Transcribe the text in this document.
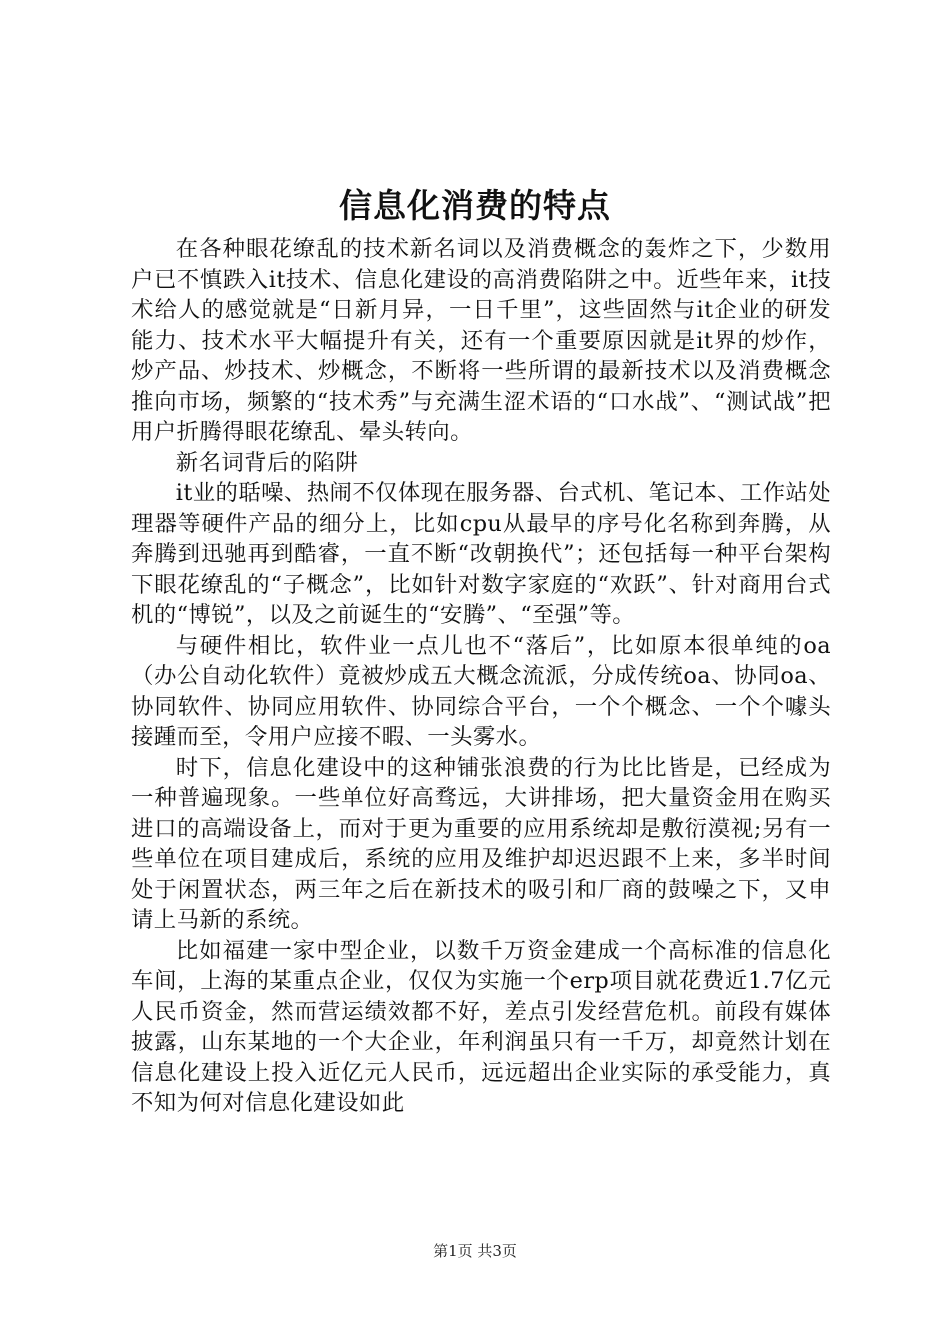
信息化消费的特点

在各种眼花缭乱的技术新名词以及消费概念的轰炸之下，少数用户已不慎跌入it技术、信息化建设的高消费陷阱之中。近些年来，it技术给人的感觉就是“日新月异，一日千里”，这些固然与it企业的研发能力、技术水平大幅提升有关，还有一个重要原因就是it界的炒作，炒产品、炒技术、炒概念，不断将一些所谓的最新技术以及消费概念推向市场，频繁的“技术秀”与充满生涩术语的“口水战”、“测试战”把用户折腾得眼花缭乱、晕头转向。

新名词背后的陷阱

it业的聒噪、热闹不仅体现在服务器、台式机、笔记本、工作站处理器等硬件产品的细分上，比如cpu从最早的序号化名称到奔腾，从奔腾到迅驰再到酷睿，一直不断“改朝换代”；还包括每一种平台架构下眼花缭乱的“子概念”，比如针对数字家庭的“欢跃”、针对商用台式机的“博锐”，以及之前诞生的“安腾”、“至强”等。

与硬件相比，软件业一点儿也不“落后”，比如原本很单纯的oa（办公自动化软件）竟被炒成五大概念流派，分成传统oa、协同oa、协同软件、协同应用软件、协同综合平台，一个个概念、一个个噱头接踵而至，令用户应接不暇、一头雾水。

时下，信息化建设中的这种铺张浪费的行为比比皆是，已经成为一种普遍现象。一些单位好高骛远，大讲排场，把大量资金用在购买进口的高端设备上，而对于更为重要的应用系统却是敷衍漠视;另有一些单位在项目建成后，系统的应用及维护却迟迟跟不上来，多半时间处于闲置状态，两三年之后在新技术的吸引和厂商的鼓噪之下，又申请上马新的系统。

比如福建一家中型企业，以数千万资金建成一个高标准的信息化车间，上海的某重点企业，仅仅为实施一个erp项目就花费近1.7亿元人民币资金，然而营运绩效都不好，差点引发经营危机。前段有媒体披露，山东某地的一个大企业，年利润虽只有一千万，却竟然计划在信息化建设上投入近亿元人民币，远远超出企业实际的承受能力，真不知为何对信息化建设如此

第1页 共3页
